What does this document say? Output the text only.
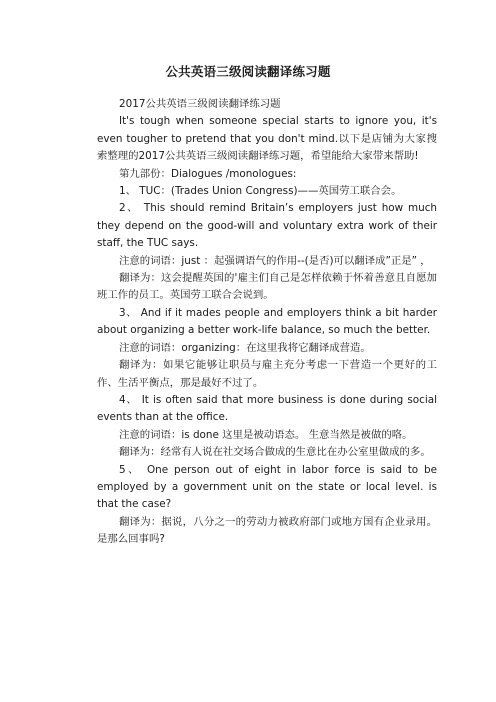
公共英语三级阅读翻译练习题

2017公共英语三级阅读翻译练习题

It's tough when someone special starts to ignore you, it's even tougher to pretend that you don't mind.以下是店铺为大家搜索整理的2017公共英语三级阅读翻译练习题，希望能给大家带来帮助!

第九部份：Dialogues /monologues:

1、 TUC：(Trades Union Congress)——英国劳工联合会。

2、 This should remind Britain’s employers just how much they depend on the good-will and voluntary extra work of their staff, the TUC says.

注意的词语：just ：起强调语气的作用--(是否)可以翻译成”正是” ，

翻译为：这会提醒英国的'雇主们自己是怎样依赖于怀着善意且自愿加班工作的员工。英国劳工联合会说到。

3、 And if it mades people and employers think a bit harder about organizing a better work-life balance, so much the better.

注意的词语：organizing：在这里我将它翻译成营造。

翻译为：如果它能够让职员与雇主充分考虑一下营造一个更好的工作、生活平衡点，那是最好不过了。

4、 It is often said that more business is done during social events than at the office.

注意的词语：is done 这里是被动语态。 生意当然是被做的咯。

翻译为：经常有人说在社交场合做成的生意比在办公室里做成的多。

5、 One person out of eight in labor force is said to be employed by a government unit on the state or local level. is that the case?

翻译为：据说，八分之一的劳动力被政府部门或地方国有企业录用。 是那么回事吗?
